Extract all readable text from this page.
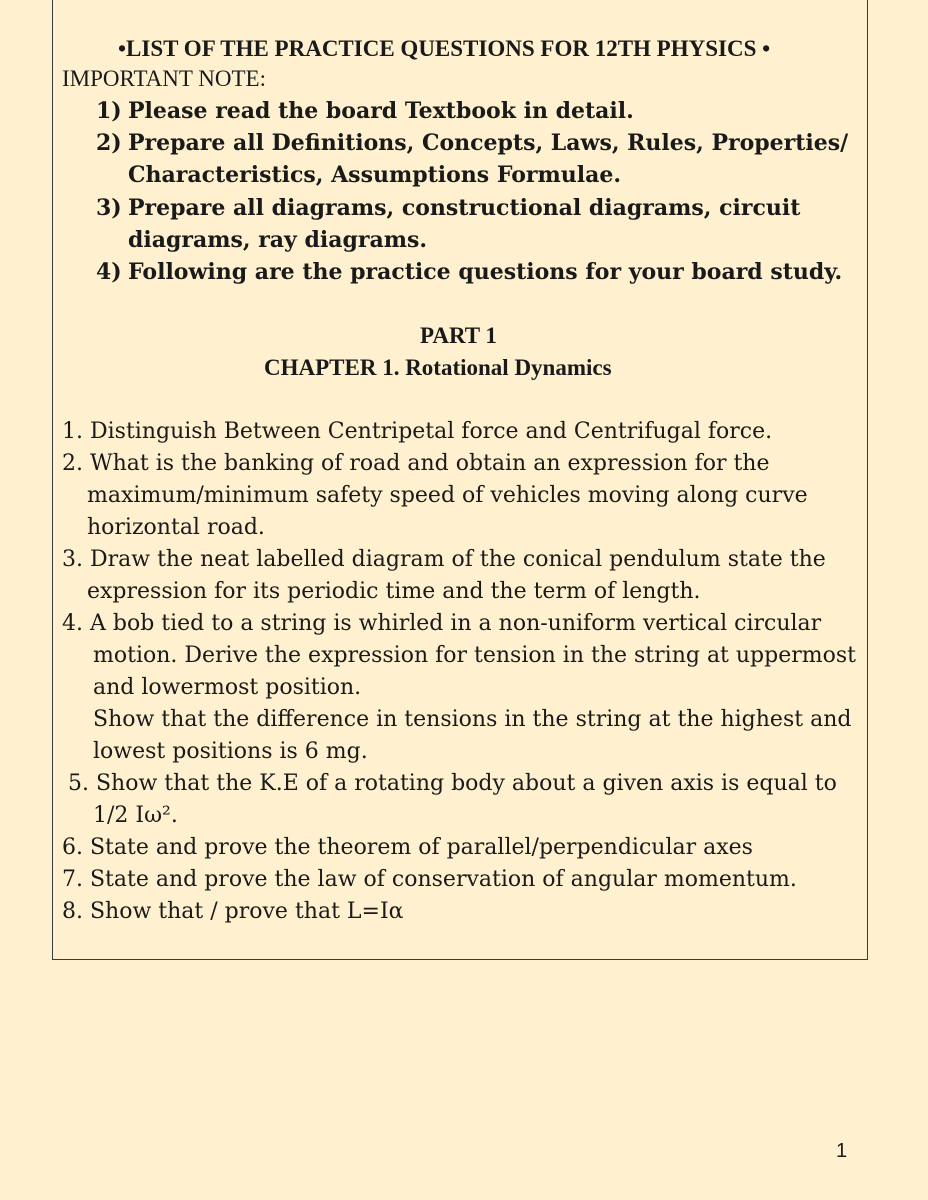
•LIST OF THE PRACTICE QUESTIONS FOR 12TH PHYSICS •
IMPORTANT NOTE:
1) Please read the board Textbook in detail.
2) Prepare all Definitions, Concepts, Laws, Rules, Properties/
Characteristics, Assumptions Formulae.
3) Prepare all diagrams, constructional diagrams, circuit
diagrams, ray diagrams.
4) Following are the practice questions for your board study.
PART 1
CHAPTER 1. Rotational Dynamics
1. Distinguish Between Centripetal force and Centrifugal force.
2. What is the banking of road and obtain an expression for the
maximum/minimum safety speed of vehicles moving along curve
horizontal road.
3. Draw the neat labelled diagram of the conical pendulum state the
expression for its periodic time and the term of length.
4. A bob tied to a string is whirled in a non-uniform vertical circular
motion. Derive the expression for tension in the string at uppermost
and lowermost position.
Show that the difference in tensions in the string at the highest and
lowest positions is 6 mg.
5. Show that the K.E of a rotating body about a given axis is equal to
1/2 Iω².
6. State and prove the theorem of parallel/perpendicular axes
7. State and prove the law of conservation of angular momentum.
8. Show that / prove that L=Iα
1
